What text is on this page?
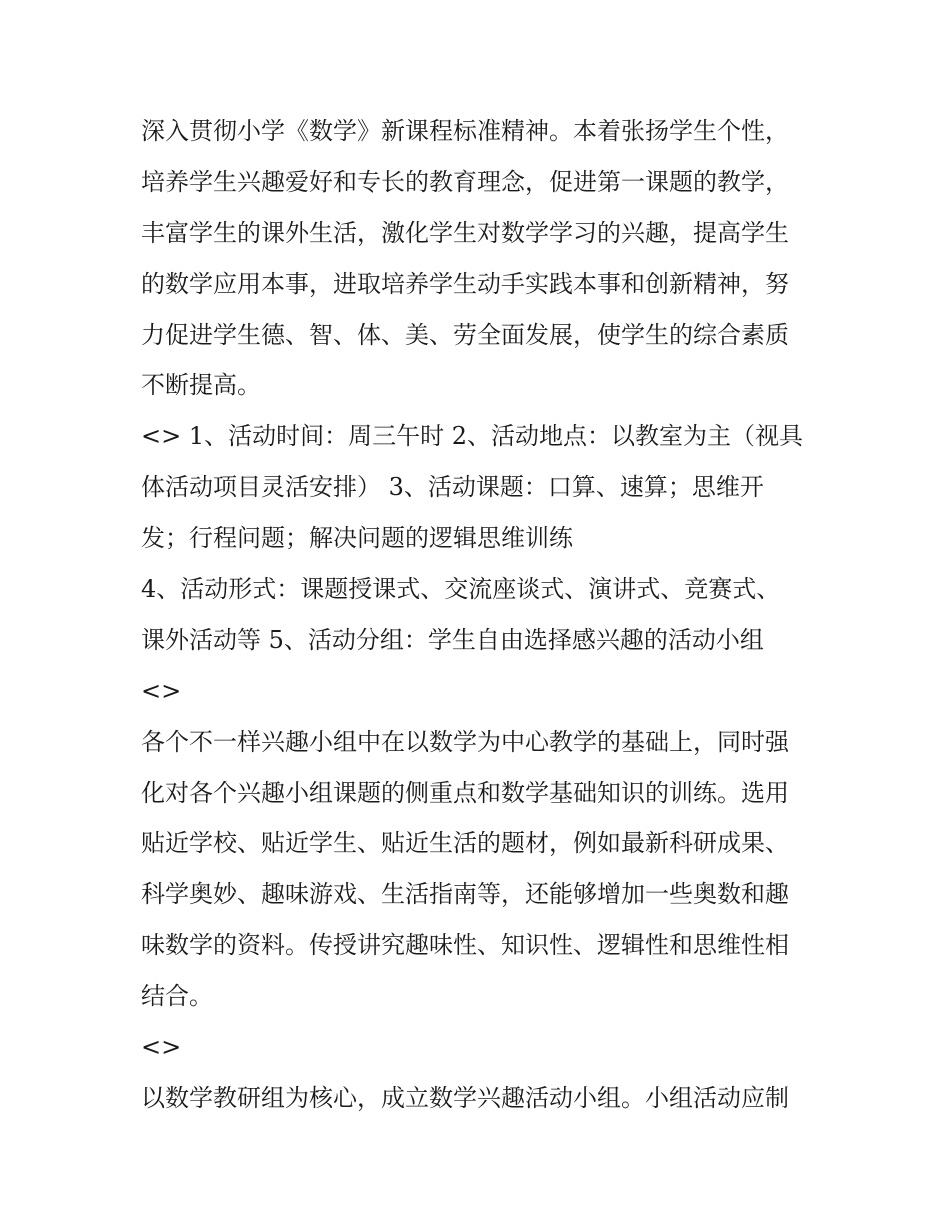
深入贯彻小学《数学》新课程标准精神。本着张扬学生个性，
培养学生兴趣爱好和专长的教育理念，促进第一课题的教学，
丰富学生的课外生活，激化学生对数学学习的兴趣，提高学生
的数学应用本事，进取培养学生动手实践本事和创新精神，努
力促进学生德、智、体、美、劳全面发展，使学生的综合素质
不断提高。
<> 1、活动时间：周三午时 2、活动地点：以教室为主（视具
体活动项目灵活安排） 3、活动课题：口算、速算；思维开
发；行程问题；解决问题的逻辑思维训练
4、活动形式：课题授课式、交流座谈式、演讲式、竞赛式、
课外活动等 5、活动分组：学生自由选择感兴趣的活动小组
<>
各个不一样兴趣小组中在以数学为中心教学的基础上，同时强
化对各个兴趣小组课题的侧重点和数学基础知识的训练。选用
贴近学校、贴近学生、贴近生活的题材，例如最新科研成果、
科学奥妙、趣味游戏、生活指南等，还能够增加一些奥数和趣
味数学的资料。传授讲究趣味性、知识性、逻辑性和思维性相
结合。
<>
以数学教研组为核心，成立数学兴趣活动小组。小组活动应制
